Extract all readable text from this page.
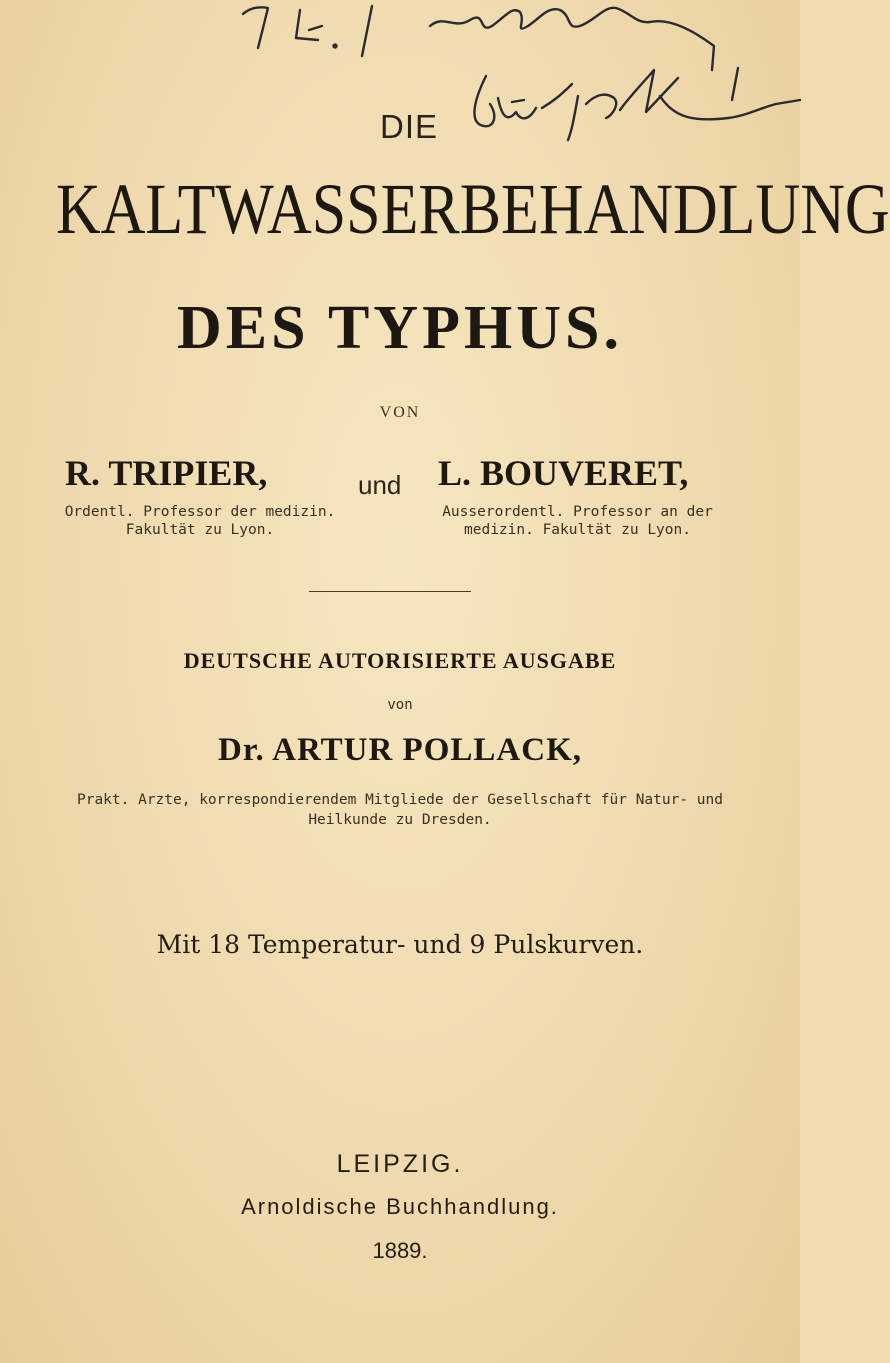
DIE

KALTWASSERBEHANDLUNG
DES TYPHUS.

VON

R. TRIPIER,	und L. BOUVERET,

Ordentl. Professor der medizin.
Fakultät zu Lyon.
Ausserordentl. Professor an der
medizin. Fakultät zu Lyon.

DEUTSCHE AUTORISIERTE AUSGABE

von

Dr. ARTUR POLLACK,

Prakt. Arzte, korrespondierendem Mitgliede der Gesellschaft für Natur- und Heilkunde zu Dresden.

Mit 18 Temperatur- und 9 Pulskurven.

LEIPZIG.

Arnoldische Buchhandlung.

1889.
